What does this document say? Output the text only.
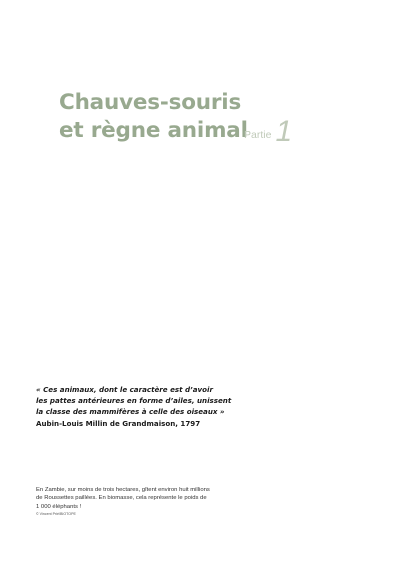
Chauves-souris
et règne animal
Partie 1
« Ces animaux, dont le caractère est d’avoir
les pattes antérieures en forme d’ailes, unissent
la classe des mammifères à celle des oiseaux »
Aubin-Louis Millin de Grandmaison, 1797
En Zambie, sur moins de trois hectares, gîtent environ huit millions
de Roussettes paillées. En biomasse, cela représente le poids de
1 000 éléphants !
© Vincent Prié/BIOTOPE
